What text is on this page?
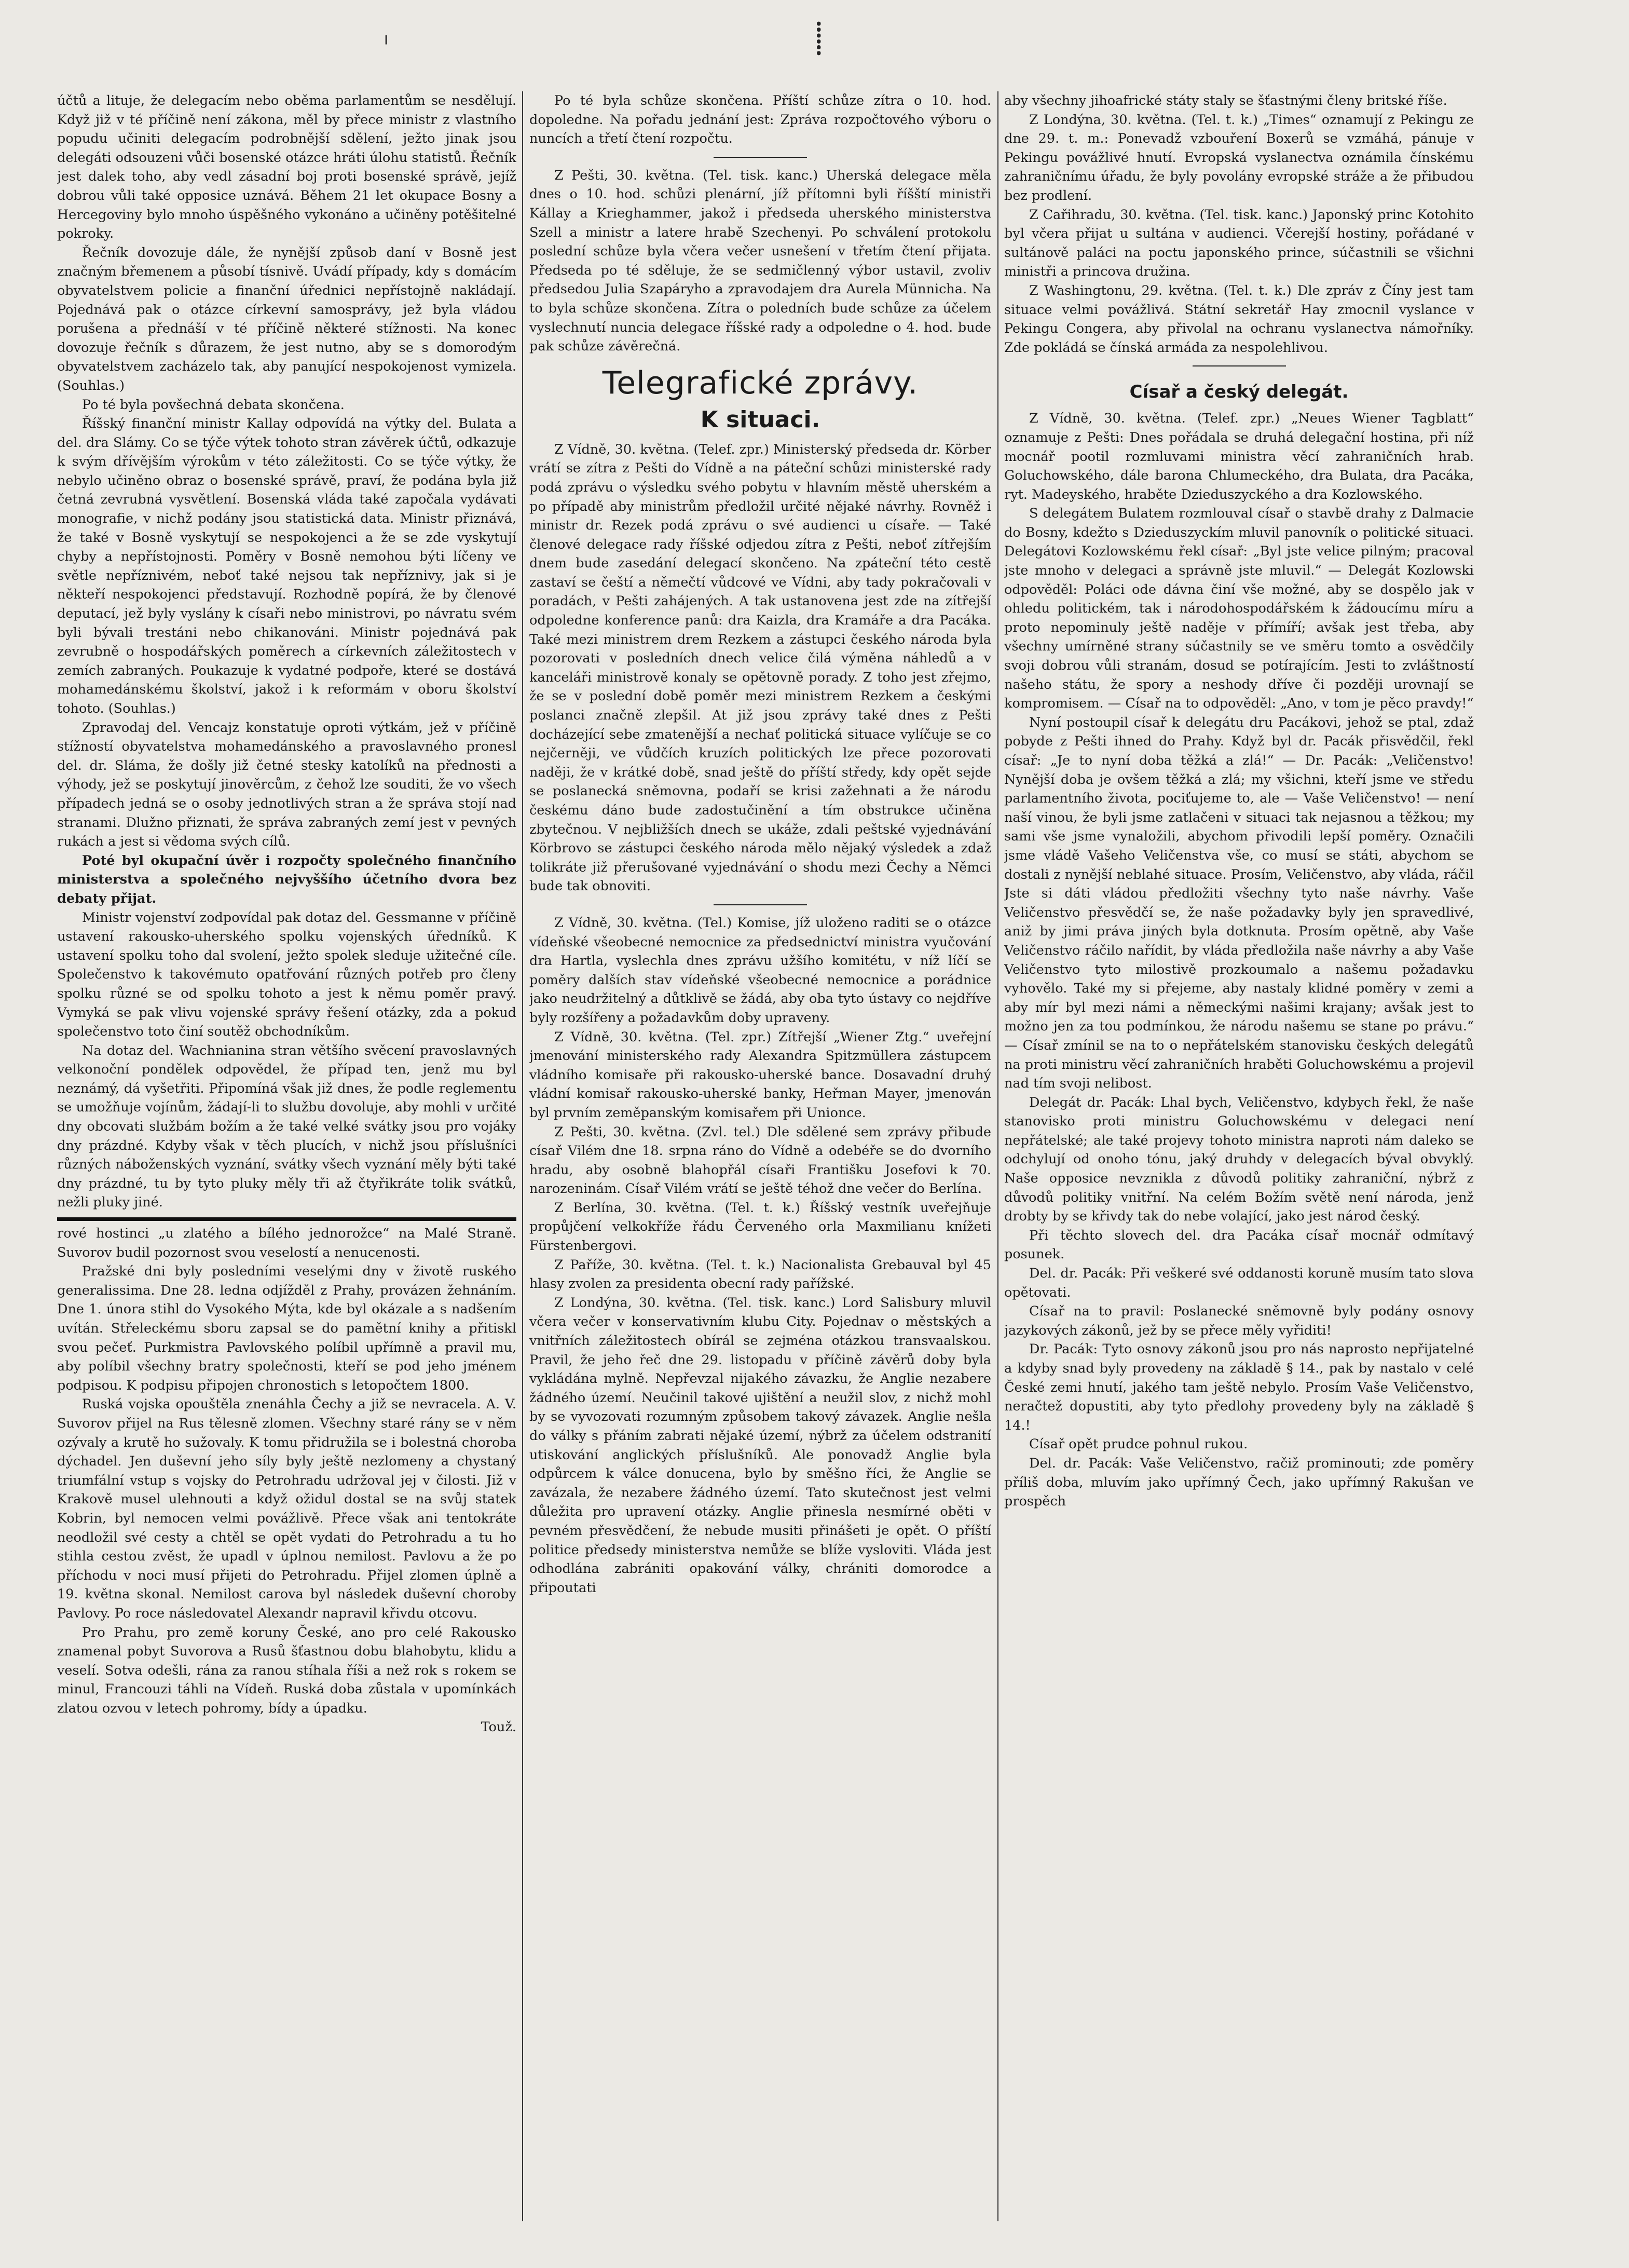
ᴵ	⸽

účtů a lituje, že delegacím nebo oběma parlamentům se nesdělují. Když již v té příčině není zákona, měl by přece ministr z vlastního popudu učiniti delegacím podrobnější sdělení, ježto jinak jsou delegáti odsouzeni vůči bosenské otázce hráti úlohu statistů. Řečník jest dalek toho, aby vedl zásadní boj proti bosenské správě, jejíž dobrou vůli také opposice uznává. Během 21 let okupace Bosny a Hercegoviny bylo mnoho úspěšného vykonáno a učiněny potěšitelné pokroky.

Řečník dovozuje dále, že nynější způsob daní v Bosně jest značným břemenem a působí tísnivě. Uvádí případy, kdy s domácím obyvatelstvem policie a finanční úřednici nepřístojně nakládají. Pojednává pak o otázce církevní samosprávy, jež byla vládou porušena a přednáší v té příčině některé stížnosti. Na konec dovozuje řečník s důrazem, že jest nutno, aby se s domorodým obyvatelstvem zacházelo tak, aby panující nespokojenost vymizela. (Souhlas.)

Po té byla povšechná debata skončena.

Říšský finanční ministr Kallay odpovídá na výtky del. Bulata a del. dra Slámy. Co se týče výtek tohoto stran závěrek účtů, odkazuje k svým dřívějším výrokům v této záležitosti. Co se týče výtky, že nebylo učiněno obraz o bosenské správě, praví, že podána byla již četná zevrubná vysvětlení. Bosenská vláda také započala vydávati monografie, v nichž podány jsou statistická data. Ministr přiznává, že také v Bosně vyskytují se nespokojenci a že se zde vyskytují chyby a nepřístojnosti. Poměry v Bosně nemohou býti líčeny ve světle nepříznivém, neboť také nejsou tak nepříznivy, jak si je někteří nespokojenci představují. Rozhodně popírá, že by členové deputací, jež byly vyslány k císaři nebo ministrovi, po návratu svém byli bývali trestáni nebo chikanováni. Ministr pojednává pak zevrubně o hospodářských poměrech a církevních záležitostech v zemích zabraných. Poukazuje k vydatné podpoře, které se dostává mohamedánskému školství, jakož i k reformám v oboru školství tohoto. (Souhlas.)

Zpravodaj del. Vencajz konstatuje oproti výtkám, jež v příčině stížností obyvatelstva mohamedánského a pravoslavného pronesl del. dr. Sláma, že došly již četné stesky katolíků na přednosti a výhody, jež se poskytují jinověrcům, z čehož lze souditi, že vo všech případech jedná se o osoby jednotlivých stran a že správa stojí nad stranami. Dlužno přiznati, že správa zabraných zemí jest v pevných rukách a jest si vědoma svých cílů.

Poté byl okupační úvěr i rozpočty společného finančního ministerstva a společného nejvyššího účetního dvora bez debaty přijat.

Ministr vojenství zodpovídal pak dotaz del. Gessmanne v příčině ustavení rakousko-uherského spolku vojenských úředníků. K ustavení spolku toho dal svolení, ježto spolek sleduje užitečné cíle. Společenstvo k takovémuto opatřování různých potřeb pro členy spolku různé se od spolku tohoto a jest k němu poměr pravý. Vymyká se pak vlivu vojenské správy řešení otázky, zda a pokud společenstvo toto činí soutěž obchodníkům.

Na dotaz del. Wachnianina stran většího svěcení pravoslavných velkonoční pondělek odpovědel, že případ ten, jenž mu byl neznámý, dá vyšetřiti. Připomíná však již dnes, že podle reglementu se umožňuje vojínům, žádají-li to službu dovoluje, aby mohli v určité dny obcovati službám božím a že také velké svátky jsou pro vojáky dny prázdné. Kdyby však v těch plucích, v nichž jsou příslušníci různých náboženských vyznání, svátky všech vyznání měly býti také dny prázdné, tu by tyto pluky měly tři až čtyřikráte tolik svátků, nežli pluky jiné.

rové hostinci „u zlatého a bílého jednorožce“ na Malé Straně. Suvorov budil pozornost svou veselostí a nenucenosti.

Pražské dni byly posledními veselými dny v životě ruského generalissima. Dne 28. ledna odjížděl z Prahy, provázen žehnáním. Dne 1. února stihl do Vysokého Mýta, kde byl okázale a s nadšením uvítán. Střeleckému sboru zapsal se do pamětní knihy a přitiskl svou pečeť. Purkmistra Pavlovského políbil upřímně a pravil mu, aby políbil všechny bratry společnosti, kteří se pod jeho jménem podpisou. K podpisu připojen chronostich s letopočtem 1800.

Ruská vojska opouštěla znenáhla Čechy a již se nevracela. A. V. Suvorov přijel na Rus tělesně zlomen. Všechny staré rány se v něm ozývaly a krutě ho sužovaly. K tomu přidružila se i bolestná choroba dýchadel. Jen duševní jeho síly byly ještě nezlomeny a chystaný triumfální vstup s vojsky do Petrohradu udržoval jej v čilosti. Již v Krakově musel ulehnouti a když ožidul dostal se na svůj statek Kobrin, byl nemocen velmi povážlivě. Přece však ani tentokráte neodložil své cesty a chtěl se opět vydati do Petrohradu a tu ho stihla cestou zvěst, že upadl v úplnou nemilost. Pavlovu a že po příchodu v noci musí přijeti do Petrohradu. Přijel zlomen úplně a 19. května skonal. Nemilost carova byl následek duševní choroby Pavlovy. Po roce následovatel Alexandr napravil křivdu otcovu.

Pro Prahu, pro země koruny České, ano pro celé Rakousko znamenal pobyt Suvorova a Rusů šťastnou dobu blahobytu, klidu a veselí. Sotva odešli, rána za ranou stíhala říši a než rok s rokem se minul, Francouzi táhli na Vídeň. Ruská doba zůstala v upomínkách zlatou ozvou v letech pohromy, bídy a úpadku.

Touž.

Po té byla schůze skončena. Příští schůze zítra o 10. hod. dopoledne. Na pořadu jednání jest: Zpráva rozpočtového výboru o nuncích a třetí čtení rozpočtu.

Z Pešti, 30. května. (Tel. tisk. kanc.) Uherská delegace měla dnes o 10. hod. schůzi plenární, jíž přítomni byli říšští ministři Kállay a Krieghammer, jakož i předseda uherského ministerstva Szell a ministr a latere hrabě Szechenyi. Po schválení protokolu poslední schůze byla včera večer usnešení v třetím čtení přijata. Předseda po té sděluje, že se sedmičlenný výbor ustavil, zvoliv předsedou Julia Szapáryho a zpravodajem dra Aurela Münnicha. Na to byla schůze skončena. Zítra o poledních bude schůze za účelem vyslechnutí nuncia delegace říšské rady a odpoledne o 4. hod. bude pak schůze závěrečná.

Telegrafické zprávy.
K situaci.

Z Vídně, 30. května. (Telef. zpr.) Ministerský předseda dr. Körber vrátí se zítra z Pešti do Vídně a na páteční schůzi ministerské rady podá zprávu o výsledku svého pobytu v hlavním městě uherském a po případě aby ministrům předložil určité nějaké návrhy. Rovněž i ministr dr. Rezek podá zprávu o své audienci u císaře. — Také členové delegace rady říšské odjedou zítra z Pešti, neboť zítřejším dnem bude zasedání delegací skončeno. Na zpáteční této cestě zastaví se čeští a němečtí vůdcové ve Vídni, aby tady pokračovali v poradách, v Pešti zahájených. A tak ustanovena jest zde na zítřejší odpoledne konference panů: dra Kaizla, dra Kramáře a dra Pacáka. Také mezi ministrem drem Rezkem a zástupci českého národa byla pozorovati v posledních dnech velice čilá výměna náhledů a v kanceláři ministrově konaly se opětovně porady. Z toho jest zřejmo, že se v poslední době poměr mezi ministrem Rezkem a českými poslanci značně zlepšil. At již jsou zprávy také dnes z Pešti docházející sebe zmatenější a nechať politická situace vylíčuje se co nejčerněji, ve vůdčích kruzích politických lze přece pozorovati naději, že v krátké době, snad ještě do příští středy, kdy opět sejde se poslanecká sněmovna, podaří se krisi zažehnati a že národu českému dáno bude zadostučinění a tím obstrukce učiněna zbytečnou. V nejbližších dnech se ukáže, zdali peštské vyjednávání Körbrovo se zástupci českého národa mělo nějaký výsledek a zdaž tolikráte již přerušované vyjednávání o shodu mezi Čechy a Němci bude tak obnoviti.

Z Vídně, 30. května. (Tel.) Komise, jíž uloženo raditi se o otázce vídeňské všeobecné nemocnice za předsednictví ministra vyučování dra Hartla, vyslechla dnes zprávu užšího komitétu, v níž líčí se poměry dalších stav vídeňské všeobecné nemocnice a porádnice jako neudržitelný a důtklivě se žádá, aby oba tyto ústavy co nejdříve byly rozšířeny a požadavkům doby upraveny.

Z Vídně, 30. května. (Tel. zpr.) Zítřejší „Wiener Ztg.“ uveřejní jmenování ministerského rady Alexandra Spitzmüllera zástupcem vládního komisaře při rakousko-uherské bance. Dosavadní druhý vládní komisař rakousko-uherské banky, Heřman Mayer, jmenován byl prvním zeměpanským komisařem při Unionce.

Z Pešti, 30. května. (Zvl. tel.) Dle sdělené sem zprávy přibude císař Vilém dne 18. srpna ráno do Vídně a odebéře se do dvorního hradu, aby osobně blahopřál císaři Františku Josefovi k 70. narozeninám. Císař Vilém vrátí se ještě téhož dne večer do Berlína.

Z Berlína, 30. května. (Tel. t. k.) Říšský vestník uveřejňuje propůjčení velkokříže řádu Červeného orla Maxmilianu knížeti Fürstenbergovi.

Z Paříže, 30. května. (Tel. t. k.) Nacionalista Grebauval byl 45 hlasy zvolen za presidenta obecní rady pařížské.

Z Londýna, 30. května. (Tel. tisk. kanc.) Lord Salisbury mluvil včera večer v konservativním klubu City. Pojednav o městských a vnitřních záležitostech obírál se zejména otázkou transvaalskou. Pravil, že jeho řeč dne 29. listopadu v příčině závěrů doby byla vykládána mylně. Nepřevzal nijakého závazku, že Anglie nezabere žádného území. Neučinil takové ujištění a neužil slov, z nichž mohl by se vyvozovati rozumným způsobem takový závazek. Anglie nešla do války s přáním zabrati nějaké území, nýbrž za účelem odstranití utiskování anglických příslušníků. Ale ponovadž Anglie byla odpůrcem k válce donucena, bylo by směšno říci, že Anglie se zavázala, že nezabere žádného území. Tato skutečnost jest velmi důležita pro upravení otázky. Anglie přinesla nesmírné oběti v pevném přesvědčení, že nebude musiti přinášeti je opět. O příští politice předsedy ministerstva nemůže se blíže vysloviti. Vláda jest odhodlána zabrániti opakování války, chrániti domorodce a připoutati

aby všechny jihoafrické státy staly se šťastnými členy britské říše.

Z Londýna, 30. května. (Tel. t. k.) „Times“ oznamují z Pekingu ze dne 29. t. m.: Ponevadž vzbouření Boxerů se vzmáhá, pánuje v Pekingu povážlivé hnutí. Evropská vyslanectva oznámila čínskému zahraničnímu úřadu, že byly povolány evropské stráže a že přibudou bez prodlení.

Z Cařihradu, 30. května. (Tel. tisk. kanc.) Japonský princ Kotohito byl včera přijat u sultána v audienci. Včerejší hostiny, pořádané v sultánově paláci na poctu japonského prince, súčastnili se všichni ministři a princova družina.

Z Washingtonu, 29. května. (Tel. t. k.) Dle zpráv z Číny jest tam situace velmi povážlivá. Státní sekretář Hay zmocnil vyslance v Pekingu Congera, aby přivolal na ochranu vyslanectva námořníky. Zde pokládá se čínská armáda za nespolehlivou.

Císař a český delegát.

Z Vídně, 30. května. (Telef. zpr.) „Neues Wiener Tagblatt“ oznamuje z Pešti: Dnes pořádala se druhá delegační hostina, při níž mocnář pootil rozmluvami ministra věcí zahraničních hrab. Goluchowského, dále barona Chlumeckého, dra Bulata, dra Pacáka, ryt. Madeyského, hraběte Dzieduszyckého a dra Kozlowského.

S delegátem Bulatem rozmlouval císař o stavbě drahy z Dalmacie do Bosny, kdežto s Dzieduszyckím mluvil panovník o politické situaci. Delegátovi Kozlowskému řekl císař: „Byl jste velice pilným; pracoval jste mnoho v delegaci a správně jste mluvil.“ — Delegát Kozlowski odpověděl: Poláci ode dávna činí vše možné, aby se dospělo jak v ohledu politickém, tak i národohospodářském k žádoucímu míru a proto nepominuly ještě naděje v přímíří; avšak jest třeba, aby všechny umírněné strany súčastnily se ve směru tomto a osvědčily svoji dobrou vůli stranám, dosud se potírajícím. Jesti to zvláštností našeho státu, že spory a neshody dříve či později urovnají se kompromisem. — Císař na to odpověděl: „Ano, v tom je pěco pravdy!“

Nyní postoupil císař k delegátu dru Pacákovi, jehož se ptal, zdaž pobyde z Pešti ihned do Prahy. Když byl dr. Pacák přisvědčil, řekl císař: „Je to nyní doba těžká a zlá!“ — Dr. Pacák: „Veličenstvo! Nynější doba je ovšem těžká a zlá; my všichni, kteří jsme ve středu parlamentního života, pociťujeme to, ale — Vaše Veličenstvo! — není naší vinou, že byli jsme zatlačeni v situaci tak nejasnou a těžkou; my sami vše jsme vynaložili, abychom přivodili lepší poměry. Označili jsme vládě Vašeho Veličenstva vše, co musí se státi, abychom se dostali z nynější neblahé situace. Prosím, Veličenstvo, aby vláda, ráčil Jste si dáti vládou předložiti všechny tyto naše návrhy. Vaše Veličenstvo přesvědčí se, že naše požadavky byly jen spravedlivé, aniž by jimi práva jiných byla dotknuta. Prosím opětně, aby Vaše Veličenstvo ráčilo nařídit, by vláda předložila naše návrhy a aby Vaše Veličenstvo tyto milostivě prozkoumalo a našemu požadavku vyhovělo. Také my si přejeme, aby nastaly klidné poměry v zemi a aby mír byl mezi námi a německými našimi krajany; avšak jest to možno jen za tou podmínkou, že národu našemu se stane po právu.“ — Císař zmínil se na to o nepřátelském stanovisku českých delegátů na proti ministru věcí zahraničních hraběti Goluchowskému a projevil nad tím svoji nelibost.

Delegát dr. Pacák: Lhal bych, Veličenstvo, kdybych řekl, že naše stanovisko proti ministru Goluchowskému v delegaci není nepřátelské; ale také projevy tohoto ministra naproti nám daleko se odchylují od onoho tónu, jaký druhdy v delegacích býval obvyklý. Naše opposice nevznikla z důvodů politiky zahraniční, nýbrž z důvodů politiky vnitřní. Na celém Božím světě není národa, jenž drobty by se křivdy tak do nebe volající, jako jest národ český.

Při těchto slovech del. dra Pacáka císař mocnář odmítavý posunek.

Del. dr. Pacák: Při veškeré své oddanosti koruně musím tato slova opětovati.

Císař na to pravil: Poslanecké sněmovně byly podány osnovy jazykových zákonů, jež by se přece měly vyřiditi!

Dr. Pacák: Tyto osnovy zákonů jsou pro nás naprosto nepřijatelné a kdyby snad byly provedeny na základě § 14., pak by nastalo v celé České zemi hnutí, jakého tam ještě nebylo. Prosím Vaše Veličenstvo, neračtež dopustiti, aby tyto předlohy provedeny byly na základě § 14.!

Císař opět prudce pohnul rukou.

Del. dr. Pacák: Vaše Veličenstvo, račiž prominouti; zde poměry příliš doba, mluvím jako upřímný Čech, jako upřímný Rakušan ve prospěch
